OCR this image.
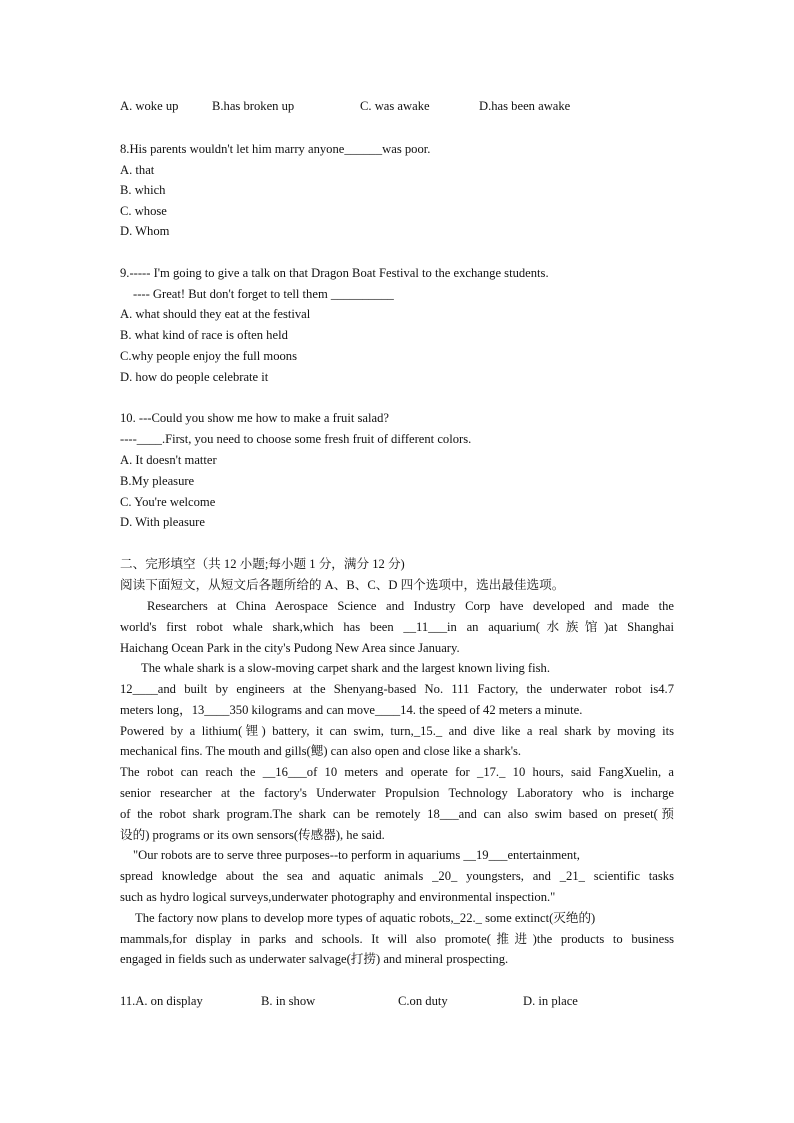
A. woke up	B.has broken up	C. was awake	D.has been awake
8.His parents wouldn't let him marry anyone______was poor.
A. that
B. which
C. whose
D. Whom
9.----- I'm going to give a talk on that Dragon Boat Festival to the exchange students.
---- Great! But don't forget to tell them __________
A. what should they eat at the festival
B. what kind of race is often held
C.why people enjoy the full moons
D. how do people celebrate it
10. ---Could you show me how to make a fruit salad?
----____.First, you need to choose some fresh fruit of different colors.
A. It doesn't matter
B.My pleasure
C. You're welcome
D. With pleasure
二、完形填空（共 12 小题;每小题 1 分，满分 12 分)
阅读下面短文，从短文后各题所给的 A、B、C、D 四个选项中，选出最佳选项。
Researchers at China Aerospace Science and Industry Corp have developed and made the
world's first robot whale shark,which has been __11___in an aquarium(水族馆)at Shanghai
Haichang Ocean Park in the city's Pudong New Area since January.
The whale shark is a slow-moving carpet shark and the largest known living fish.
12____and built by engineers at the Shenyang-based No. 111 Factory, the underwater robot is4.7
meters long，13____350 kilograms and can move____14. the speed of 42 meters a minute.
Powered by a lithium(锂) battery, it can swim, turn,_15._ and dive like a real shark by moving its
mechanical fins. The mouth and gills(鳃) can also open and close like a shark's.
The robot can reach the __16___of 10 meters and operate for _17._ 10 hours, said FangXuelin, a
senior researcher at the factory's Underwater Propulsion Technology Laboratory who is incharge
of the robot shark program.The shark can be remotely 18___and can also swim based on preset(预
设的) programs or its own sensors(传感器), he said.
"Our robots are to serve three purposes--to perform in aquariums __19___entertainment,
spread knowledge about the sea and aquatic animals _20_ youngsters, and _21_ scientific tasks
such as hydro logical surveys,underwater photography and environmental inspection."
The factory now plans to develop more types of aquatic robots,_22._ some extinct(灭绝的)
mammals,for display in parks and schools. It will also promote(推进)the products to business
engaged in fields such as underwater salvage(打捞) and mineral prospecting.
11.A. on display	B. in show	C.on duty	D. in place
